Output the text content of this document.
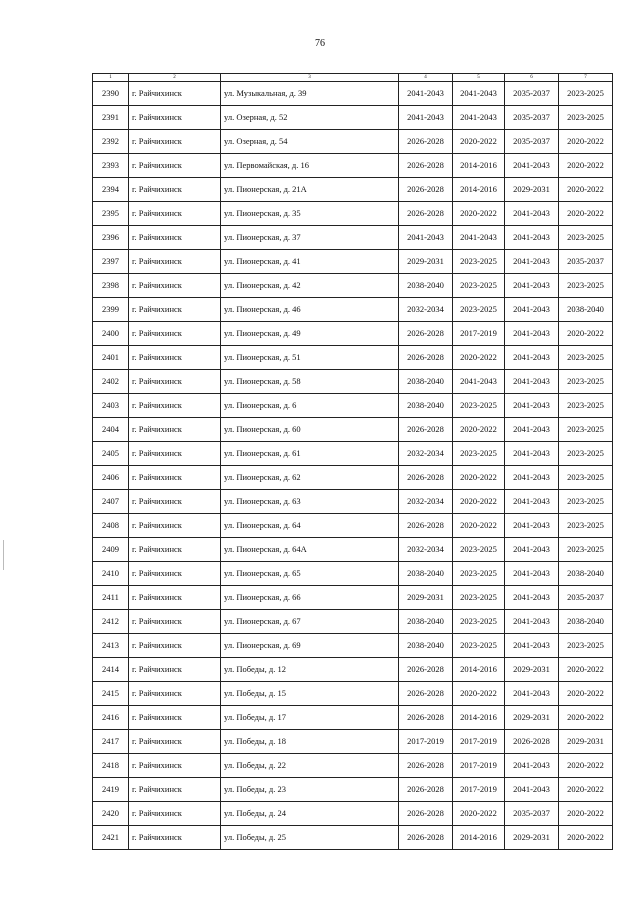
76
1	2	3	4	5	6	7
2390	г. Райчихинск	ул. Музыкальная, д. 39	2041-2043	2041-2043	2035-2037	2023-2025
2391	г. Райчихинск	ул. Озерная, д. 52	2041-2043	2041-2043	2035-2037	2023-2025
2392	г. Райчихинск	ул. Озерная, д. 54	2026-2028	2020-2022	2035-2037	2020-2022
2393	г. Райчихинск	ул. Первомайская, д. 16	2026-2028	2014-2016	2041-2043	2020-2022
2394	г. Райчихинск	ул. Пионерская, д. 21А	2026-2028	2014-2016	2029-2031	2020-2022
2395	г. Райчихинск	ул. Пионерская, д. 35	2026-2028	2020-2022	2041-2043	2020-2022
2396	г. Райчихинск	ул. Пионерская, д. 37	2041-2043	2041-2043	2041-2043	2023-2025
2397	г. Райчихинск	ул. Пионерская, д. 41	2029-2031	2023-2025	2041-2043	2035-2037
2398	г. Райчихинск	ул. Пионерская, д. 42	2038-2040	2023-2025	2041-2043	2023-2025
2399	г. Райчихинск	ул. Пионерская, д. 46	2032-2034	2023-2025	2041-2043	2038-2040
2400	г. Райчихинск	ул. Пионерская, д. 49	2026-2028	2017-2019	2041-2043	2020-2022
2401	г. Райчихинск	ул. Пионерская, д. 51	2026-2028	2020-2022	2041-2043	2023-2025
2402	г. Райчихинск	ул. Пионерская, д. 58	2038-2040	2041-2043	2041-2043	2023-2025
2403	г. Райчихинск	ул. Пионерская, д. 6	2038-2040	2023-2025	2041-2043	2023-2025
2404	г. Райчихинск	ул. Пионерская, д. 60	2026-2028	2020-2022	2041-2043	2023-2025
2405	г. Райчихинск	ул. Пионерская, д. 61	2032-2034	2023-2025	2041-2043	2023-2025
2406	г. Райчихинск	ул. Пионерская, д. 62	2026-2028	2020-2022	2041-2043	2023-2025
2407	г. Райчихинск	ул. Пионерская, д. 63	2032-2034	2020-2022	2041-2043	2023-2025
2408	г. Райчихинск	ул. Пионерская, д. 64	2026-2028	2020-2022	2041-2043	2023-2025
2409	г. Райчихинск	ул. Пионерская, д. 64А	2032-2034	2023-2025	2041-2043	2023-2025
2410	г. Райчихинск	ул. Пионерская, д. 65	2038-2040	2023-2025	2041-2043	2038-2040
2411	г. Райчихинск	ул. Пионерская, д. 66	2029-2031	2023-2025	2041-2043	2035-2037
2412	г. Райчихинск	ул. Пионерская, д. 67	2038-2040	2023-2025	2041-2043	2038-2040
2413	г. Райчихинск	ул. Пионерская, д. 69	2038-2040	2023-2025	2041-2043	2023-2025
2414	г. Райчихинск	ул. Победы, д. 12	2026-2028	2014-2016	2029-2031	2020-2022
2415	г. Райчихинск	ул. Победы, д. 15	2026-2028	2020-2022	2041-2043	2020-2022
2416	г. Райчихинск	ул. Победы, д. 17	2026-2028	2014-2016	2029-2031	2020-2022
2417	г. Райчихинск	ул. Победы, д. 18	2017-2019	2017-2019	2026-2028	2029-2031
2418	г. Райчихинск	ул. Победы, д. 22	2026-2028	2017-2019	2041-2043	2020-2022
2419	г. Райчихинск	ул. Победы, д. 23	2026-2028	2017-2019	2041-2043	2020-2022
2420	г. Райчихинск	ул. Победы, д. 24	2026-2028	2020-2022	2035-2037	2020-2022
2421	г. Райчихинск	ул. Победы, д. 25	2026-2028	2014-2016	2029-2031	2020-2022
